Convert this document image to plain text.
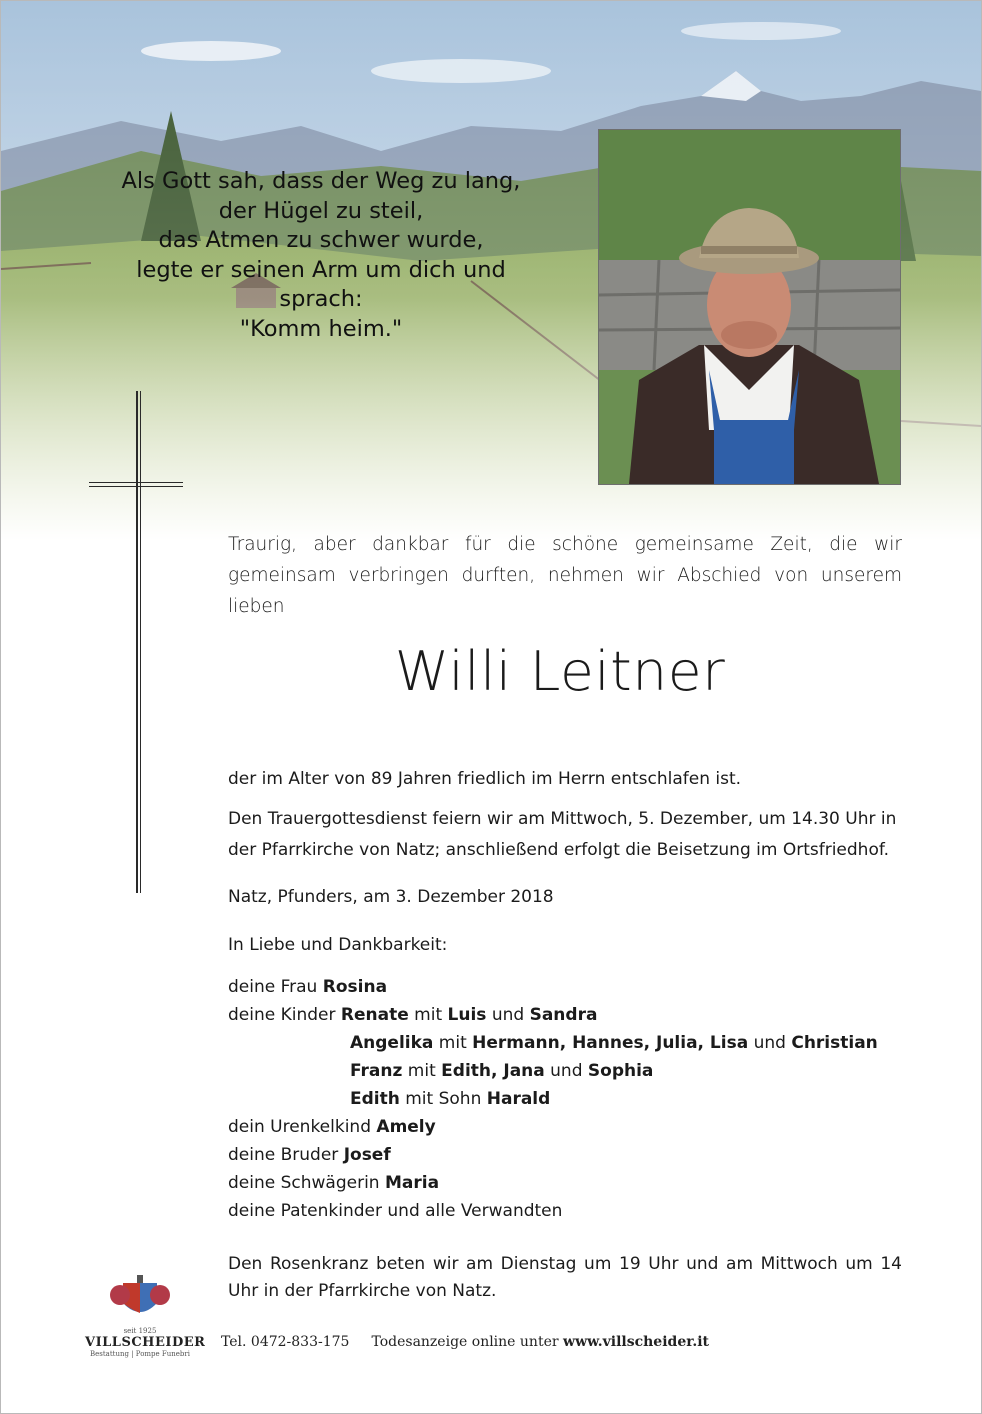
Als Gott sah, dass der Weg zu lang,
der Hügel zu steil,
das Atmen zu schwer wurde,
legte er seinen Arm um dich und
sprach:
"Komm heim."

Traurig, aber dankbar für die schöne gemeinsame Zeit, die wir gemeinsam verbringen durften, nehmen wir Abschied von unserem lieben

Willi Leitner

der im Alter von 89 Jahren friedlich im Herrn entschlafen ist.

Den Trauergottesdienst feiern wir am Mittwoch, 5. Dezember, um 14.30 Uhr in der Pfarrkirche von Natz; anschließend erfolgt die Beisetzung im Ortsfriedhof.

Natz, Pfunders, am 3. Dezember 2018

In Liebe und Dankbarkeit:

deine Frau Rosina
deine Kinder Renate mit Luis und Sandra
Angelika mit Hermann, Hannes, Julia, Lisa und Christian
Franz mit Edith, Jana und Sophia
Edith mit Sohn Harald
dein Urenkelkind Amely
deine Bruder Josef
deine Schwägerin Maria
deine Patenkinder und alle Verwandten

Den Rosenkranz beten wir am Dienstag um 19 Uhr und am Mittwoch um 14 Uhr in der Pfarrkirche von Natz.

seit 1925
VILLSCHEIDER
Bestattung | Pompe Funebri
Tel. 0472-833-175 Todesanzeige online unter www.villscheider.it
